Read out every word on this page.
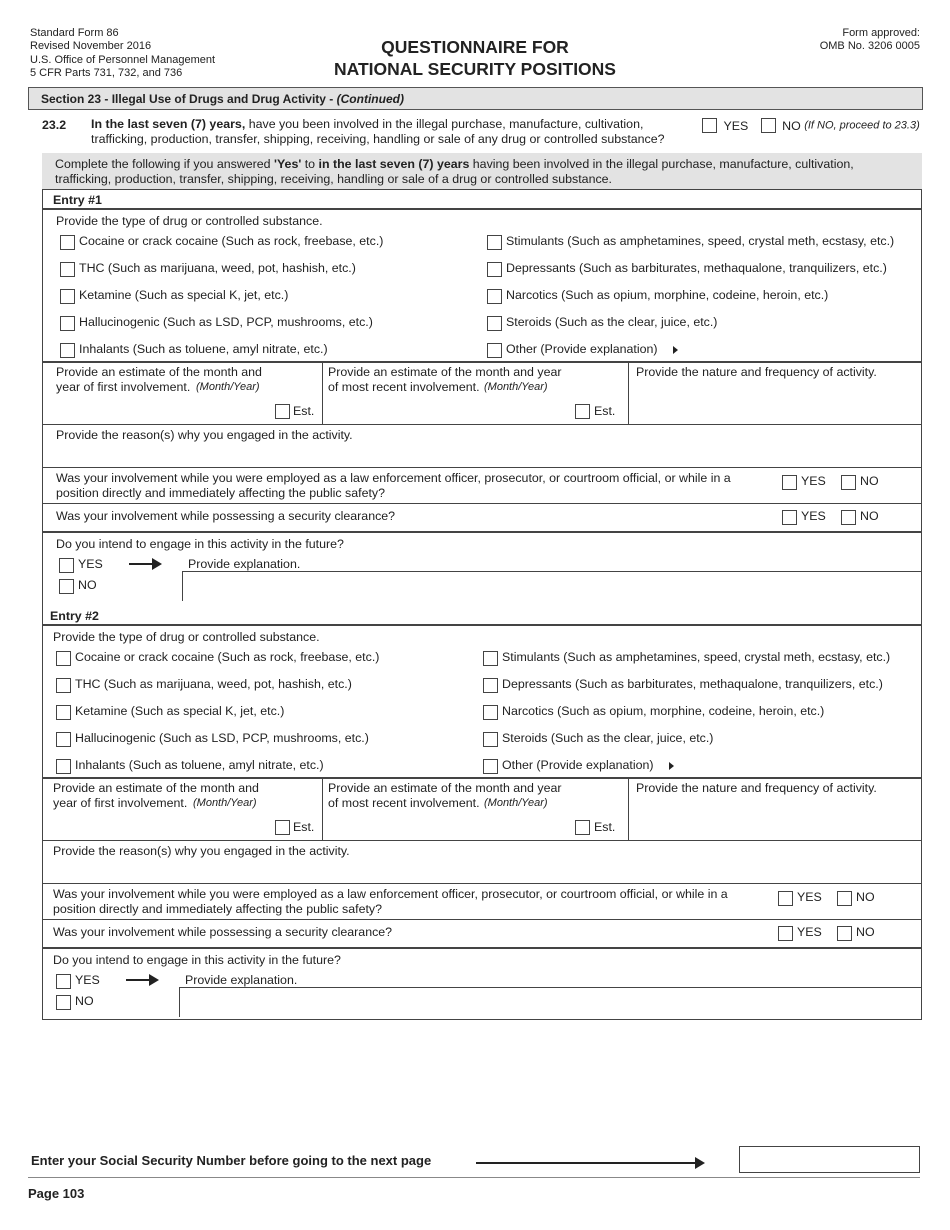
Standard Form 86
Revised November 2016
U.S. Office of Personnel Management
5 CFR Parts 731, 732, and 736
QUESTIONNAIRE FOR
NATIONAL SECURITY POSITIONS
Form approved:
OMB No. 3206 0005
Section 23 - Illegal Use of Drugs and Drug Activity - (Continued)
23.2 In the last seven (7) years, have you been involved in the illegal purchase, manufacture, cultivation,
trafficking, production, transfer, shipping, receiving, handling or sale of any drug or controlled substance?
YES	NO (If NO, proceed to 23.3)
Complete the following if you answered 'Yes' to in the last seven (7) years having been involved in the illegal purchase, manufacture, cultivation,
trafficking, production, transfer, shipping, receiving, handling or sale of a drug or controlled substance.
Entry #1
Provide the type of drug or controlled substance.
Cocaine or crack cocaine (Such as rock, freebase, etc.)	Stimulants (Such as amphetamines, speed, crystal meth, ecstasy, etc.)
THC (Such as marijuana, weed, pot, hashish, etc.)	Depressants (Such as barbiturates, methaqualone, tranquilizers, etc.)
Ketamine (Such as special K, jet, etc.)	Narcotics (Such as opium, morphine, codeine, heroin, etc.)
Hallucinogenic (Such as LSD, PCP, mushrooms, etc.)	Steroids (Such as the clear, juice, etc.)
Inhalants (Such as toluene, amyl nitrate, etc.)	Other (Provide explanation)
Provide an estimate of the month and
year of first involvement. (Month/Year)
Provide an estimate of the month and year
of most recent involvement. (Month/Year)
Provide the nature and frequency of activity.
Est.	Est.
Provide the reason(s) why you engaged in the activity.
Was your involvement while you were employed as a law enforcement officer, prosecutor, or courtroom official, or while in a
position directly and immediately affecting the public safety?
YES	NO
Was your involvement while possessing a security clearance?	YES	NO
Do you intend to engage in this activity in the future?
YES
NO
Provide explanation.
Entry #2
Provide the type of drug or controlled substance.
Cocaine or crack cocaine (Such as rock, freebase, etc.)	Stimulants (Such as amphetamines, speed, crystal meth, ecstasy, etc.)
THC (Such as marijuana, weed, pot, hashish, etc.)	Depressants (Such as barbiturates, methaqualone, tranquilizers, etc.)
Ketamine (Such as special K, jet, etc.)	Narcotics (Such as opium, morphine, codeine, heroin, etc.)
Hallucinogenic (Such as LSD, PCP, mushrooms, etc.)	Steroids (Such as the clear, juice, etc.)
Inhalants (Such as toluene, amyl nitrate, etc.)	Other (Provide explanation)
Provide an estimate of the month and
year of first involvement. (Month/Year)
Provide an estimate of the month and year
of most recent involvement. (Month/Year)
Provide the nature and frequency of activity.
Est.	Est.
Provide the reason(s) why you engaged in the activity.
Was your involvement while you were employed as a law enforcement officer, prosecutor, or courtroom official, or while in a
position directly and immediately affecting the public safety?
YES	NO
Was your involvement while possessing a security clearance?	YES	NO
Do you intend to engage in this activity in the future?
YES
NO
Provide explanation.
Enter your Social Security Number before going to the next page
Page 103
